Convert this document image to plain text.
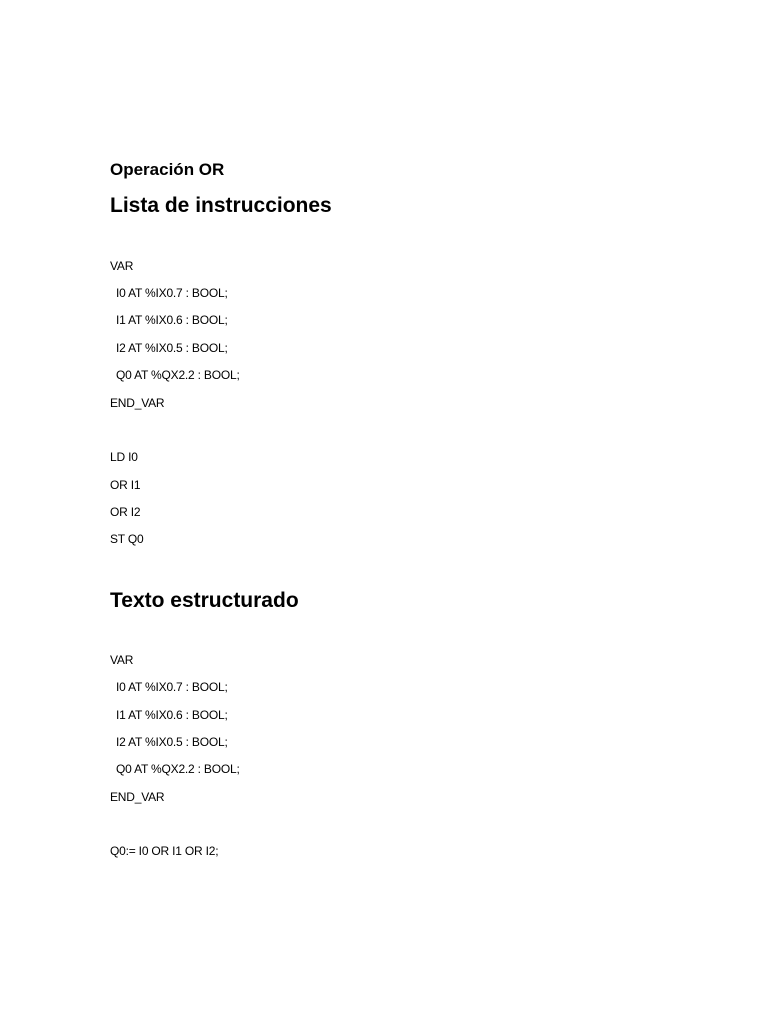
Operación OR
Lista de instrucciones
VAR
I0 AT %IX0.7 : BOOL;
I1 AT %IX0.6 : BOOL;
I2 AT %IX0.5 : BOOL;
Q0 AT %QX2.2 : BOOL;
END_VAR
LD I0
OR I1
OR I2
ST Q0
Texto estructurado
VAR
I0 AT %IX0.7 : BOOL;
I1 AT %IX0.6 : BOOL;
I2 AT %IX0.5 : BOOL;
Q0 AT %QX2.2 : BOOL;
END_VAR
Q0:= I0 OR I1 OR I2;
